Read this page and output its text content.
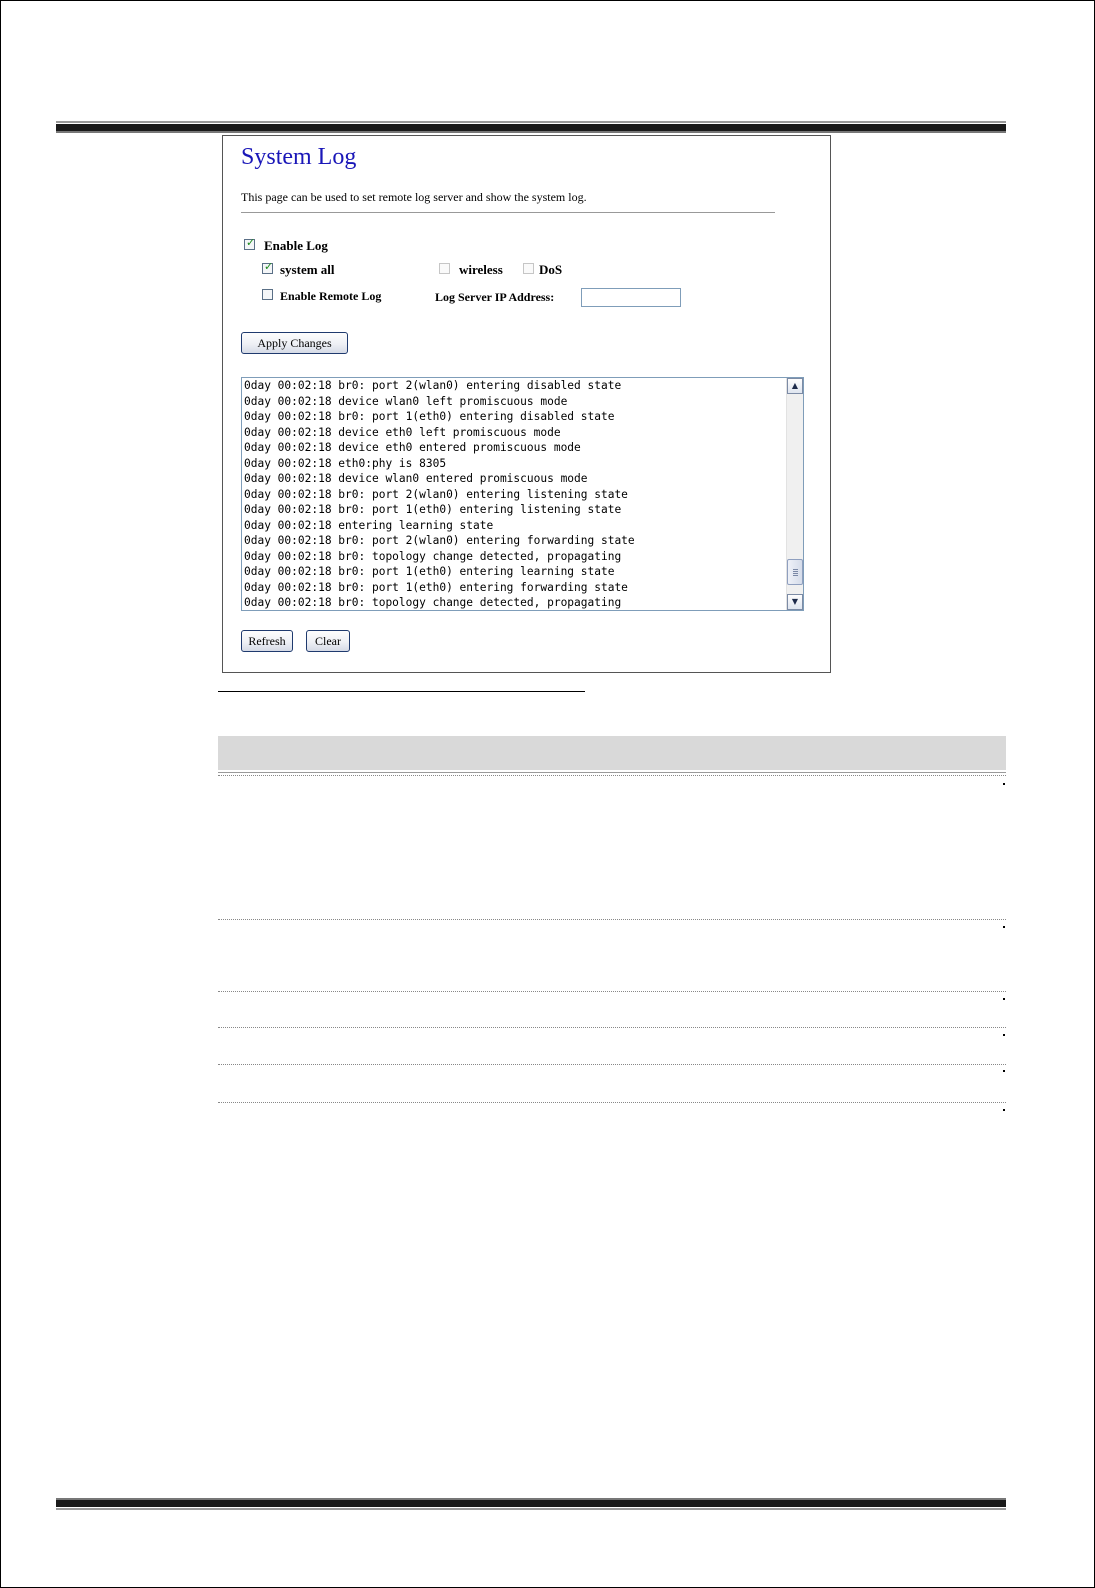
System Log
This page can be used to set remote log server and show the system log.
✓ Enable Log
✓ system all	wireless	DoS
Enable Remote Log	Log Server IP Address:
Apply Changes
0day 00:02:18 br0: port 2(wlan0) entering disabled state
0day 00:02:18 device wlan0 left promiscuous mode
0day 00:02:18 br0: port 1(eth0) entering disabled state
0day 00:02:18 device eth0 left promiscuous mode
0day 00:02:18 device eth0 entered promiscuous mode
0day 00:02:18 eth0:phy is 8305
0day 00:02:18 device wlan0 entered promiscuous mode
0day 00:02:18 br0: port 2(wlan0) entering listening state
0day 00:02:18 br0: port 1(eth0) entering listening state
0day 00:02:18 entering learning state
0day 00:02:18 br0: port 2(wlan0) entering forwarding state
0day 00:02:18 br0: topology change detected, propagating
0day 00:02:18 br0: port 1(eth0) entering learning state
0day 00:02:18 br0: port 1(eth0) entering forwarding state
0day 00:02:18 br0: topology change detected, propagating
▲
▼
Refresh	Clear
